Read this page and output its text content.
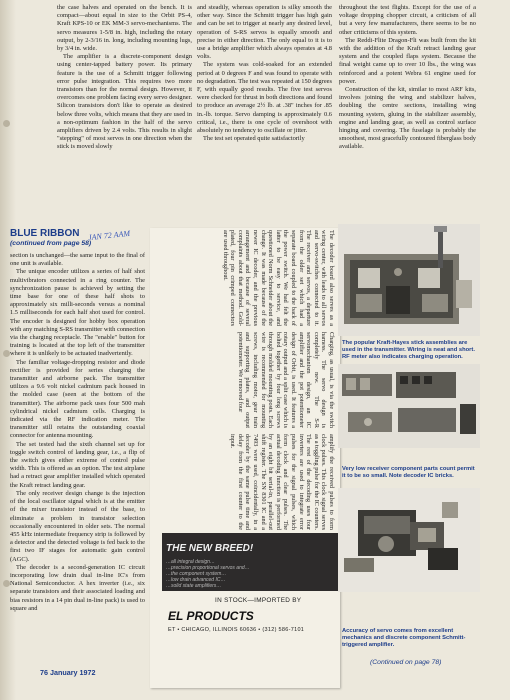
the case halves and operated on the bench. It is compact—about equal in size to the Orbit PS-4, Kraft KPS-10 or EK MM-3 servo-mechanisms. The servo measures 1-5/8 in. high, including the rotary output, by 2-3/16 in. long, including mounting lugs, by 3/4 in. wide.

The amplifier is a discrete-component design using center-tapped battery power. Its primary feature is the use of a Schmitt trigger following error pulse integration. This requires two more transistors than for the normal design. However, it overcomes one problem facing every servo designer. Silicon transistors don't like to operate as desired below three volts, which means that they are used in a non-optimum fashion in the half of the servo amplifiers driven by 2.4 volts. This results in slight "stepping" of most servos in one direction when the stick is moved slowly

and steadily, whereas operation is silky smooth the other way. Since the Schmitt trigger has high gain and can be set to trigger at nearly any desired level, operation of S-RS servos is equally smooth and precise in either direction. The only equal to it is to use a bridge amplifier which always operates at 4.8 volts.

The system was cold-soaked for an extended period at 0 degrees F and was found to operate with no degradation. The test was repeated at 150 degrees F, with equally good results. The five test servos were checked for thrust in both directions and found to produce an average 2½ lb. at .38" inches for .85 in.-lb. torque. Servo damping is approximately 0.6 critical, i.e., there is one cycle of overshoot with absolutely no tendency to oscillate or jitter.

The test set operated quite satisfactorily

throughout the test flights. Except for the use of a voltage dropping chopper circuit, a criticism of all but a very few manufacturers, there seems to be no other criticisms of this system.

The Reddi-Flite Dragon-Fli was built from the kit with the addition of the Kraft retract landing gear system and the coupled flaps system. Because the final weight came up to over 10 lbs., the wing was reinforced and a potent Webra 61 engine used for power.

Construction of the kit, similar to most ARF kits, involves joining the wing and stabilizer halves, doubling the centre sections, installing wing mounting system, gluing in the stabilizer assembly, engine and landing gear, as well as control surface hinging and covering. The fuselage is probably the smoothest, most gracefully contoured fiberglass body available.

BLUE RIBBON
(continued from page 58)
JAN 72 AAM

section is unchanged—the same input to the final of one unit is available.

The unique encoder utilizes a series of half shot multivibrators connected in a ring counter. The synchronization pause is achieved by setting the time base for one of these half shots to approximately six milli-seconds versus a nominal 1.5 milliseconds for each half shot used for control. The encoder is designed for hobby box operation with any matching S-RS transmitter with connection via the charging receptacle. The "enable" button for training is located at the top left of the transmitter where it is unlikely to be actuated inadvertently.

The familiar voltage-dropping resistor and diode rectifier is provided for series charging the transmitter and airborne pack. The transmitter utilizes a 9.6 volt nickel cadmium pack housed in the molded case (seen at the bottom of the transmitter). The airborne pack uses four 500 mah cylindrical nickel cadmium cells. Charging is indicated via the RF indication meter. The transmitter still retains the outstanding coaxial connector for antenna mounting.

The set tested had the sixth channel set up for toggle switch control of landing gear, i.e., a flip of the switch gives either extreme of control pulse width. This is offered as an option. The test airplane had a retract gear amplifier installed which operated the Kraft retract landing gear.

The only receiver design change is the injection of the local oscillator signal which is at the emitter of the mixer transistor instead of the base, to eliminate a problem in transistor selection occasionally encountered in older sets. The normal 455 kHz intermediate frequency strip is followed by a detector and the detected voltage is fed back to the first two IF stages for automatic gain control (AGC).

The decoder is a second-generation IC circuit incorporating low drain dual in-line IC's from National Semiconductor. A hex inverter (i.e., six separate transistors and their associated loading and bias resistors in a 14 pin dual in-line pack) is used to square and

The decoder board also serves as a wiring center, with leads to all servos and servo-switches connected to it. The receiver and servos, a departure from the older set which had a separate board coupled to the back of the power switch. We had felt the latter to be easy to service, and questioned Norm Schneider about the change. It was made because of the newer IC decoder, and the previous arrangement and because of several complaints about that method. Gold-plated, four pin crimped connectors are used throughout.
Charging, as usual, is via the switch harness. The servo design is completely new. The S-R servomechanism design, an IC amplifier and the pot potentiometer design of Orbit, is used. It features a rotary output and a split case which is bolted together by four long screws through molded mounting posts. Each wire is recommended for mounting screws, including motor, gear train and supporting plates, and output potentiometer. We removed four
amplify the received pulses to form clock pulses. This clock signal serves as a toggling pulse for the IC counters. The rest of the decoding uses four inverters are used to integrate error pulses for the signal pulses, which form clock and clear pulses. The actual decoding function is performed by an eight bit serial-in, parallel-out shift register. The SN 8301 IC and a 7493 were used, coincidentally, in a decoder by the same pulse time and delay from the first counter to the input.
THE NEW BREED!
…all integral design…
…precision proportional servos and…
…the component system…
…low drain advanced IC…
…solid state amplifiers…
IN STOCK—IMPORTED BY
EL PRODUCTS
ET • CHICAGO, ILLINOIS 60636 • (312) 586-7101
The popular Kraft-Hayes stick assemblies are used in the transmitter. Wiring is neat and short. RF meter also indicates charging operation.
Very low receiver component parts count permit it to be so small. Note decoder IC bricks.
Accuracy of servo comes from excellent mechanics and discrete component Schmitt-triggered amplifier.
(Continued on page 78)
76 January 1972
